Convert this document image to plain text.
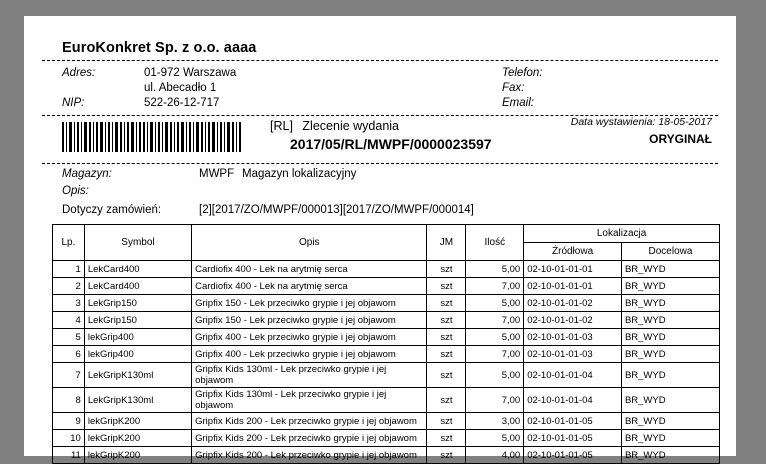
EuroKonkret Sp. z o.o. aaaa
Adres:	01-972 Warszawa
ul. Abecadło 1
NIP:	522-26-12-717
Telefon:
Fax:
Email:
[RL] Zlecenie wydania
2017/05/RL/MWPF/0000023597
Data wystawienia: 18-05-2017
ORYGINAŁ
Magazyn:	MWPF Magazyn lokalizacyjny
Opis:
Dotyczy zamówień:	[2][2017/ZO/MWPF/000013][2017/ZO/MWPF/000014]
Lp.	Symbol	Opis	JM	Ilość	Lokalizacja	
					Źródłowa	Docelowa
1	LekCard400	Cardiofix 400 - Lek na arytmię serca	szt	5,00	02-10-01-01-01	BR_WYD
2	LekCard400	Cardiofix 400 - Lek na arytmię serca	szt	7,00	02-10-01-01-01	BR_WYD
3	LekGrip150	Gripfix 150 - Lek przeciwko grypie i jej objawom	szt	5,00	02-10-01-01-02	BR_WYD
4	LekGrip150	Gripfix 150 - Lek przeciwko grypie i jej objawom	szt	7,00	02-10-01-01-02	BR_WYD
5	lekGrip400	Gripfix 400 - Lek przeciwko grypie i jej objawom	szt	5,00	02-10-01-01-03	BR_WYD
6	lekGrip400	Gripfix 400 - Lek przeciwko grypie i jej objawom	szt	7,00	02-10-01-01-03	BR_WYD
7	LekGripK130ml	Gripfix Kids 130ml - Lek przeciwko grypie i jej objawom	szt	5,00	02-10-01-01-04	BR_WYD
8	LekGripK130ml	Gripfix Kids 130ml - Lek przeciwko grypie i jej objawom	szt	7,00	02-10-01-01-04	BR_WYD
9	lekGripK200	Gripfix Kids 200 - Lek przeciwko grypie i jej objawom	szt	3,00	02-10-01-01-05	BR_WYD
10	lekGripK200	Gripfix Kids 200 - Lek przeciwko grypie i jej objawom	szt	5,00	02-10-01-01-05	BR_WYD
11	lekGripK200	Gripfix Kids 200 - Lek przeciwko grypie i jej objawom	szt	4,00	02-10-01-01-05	BR_WYD
